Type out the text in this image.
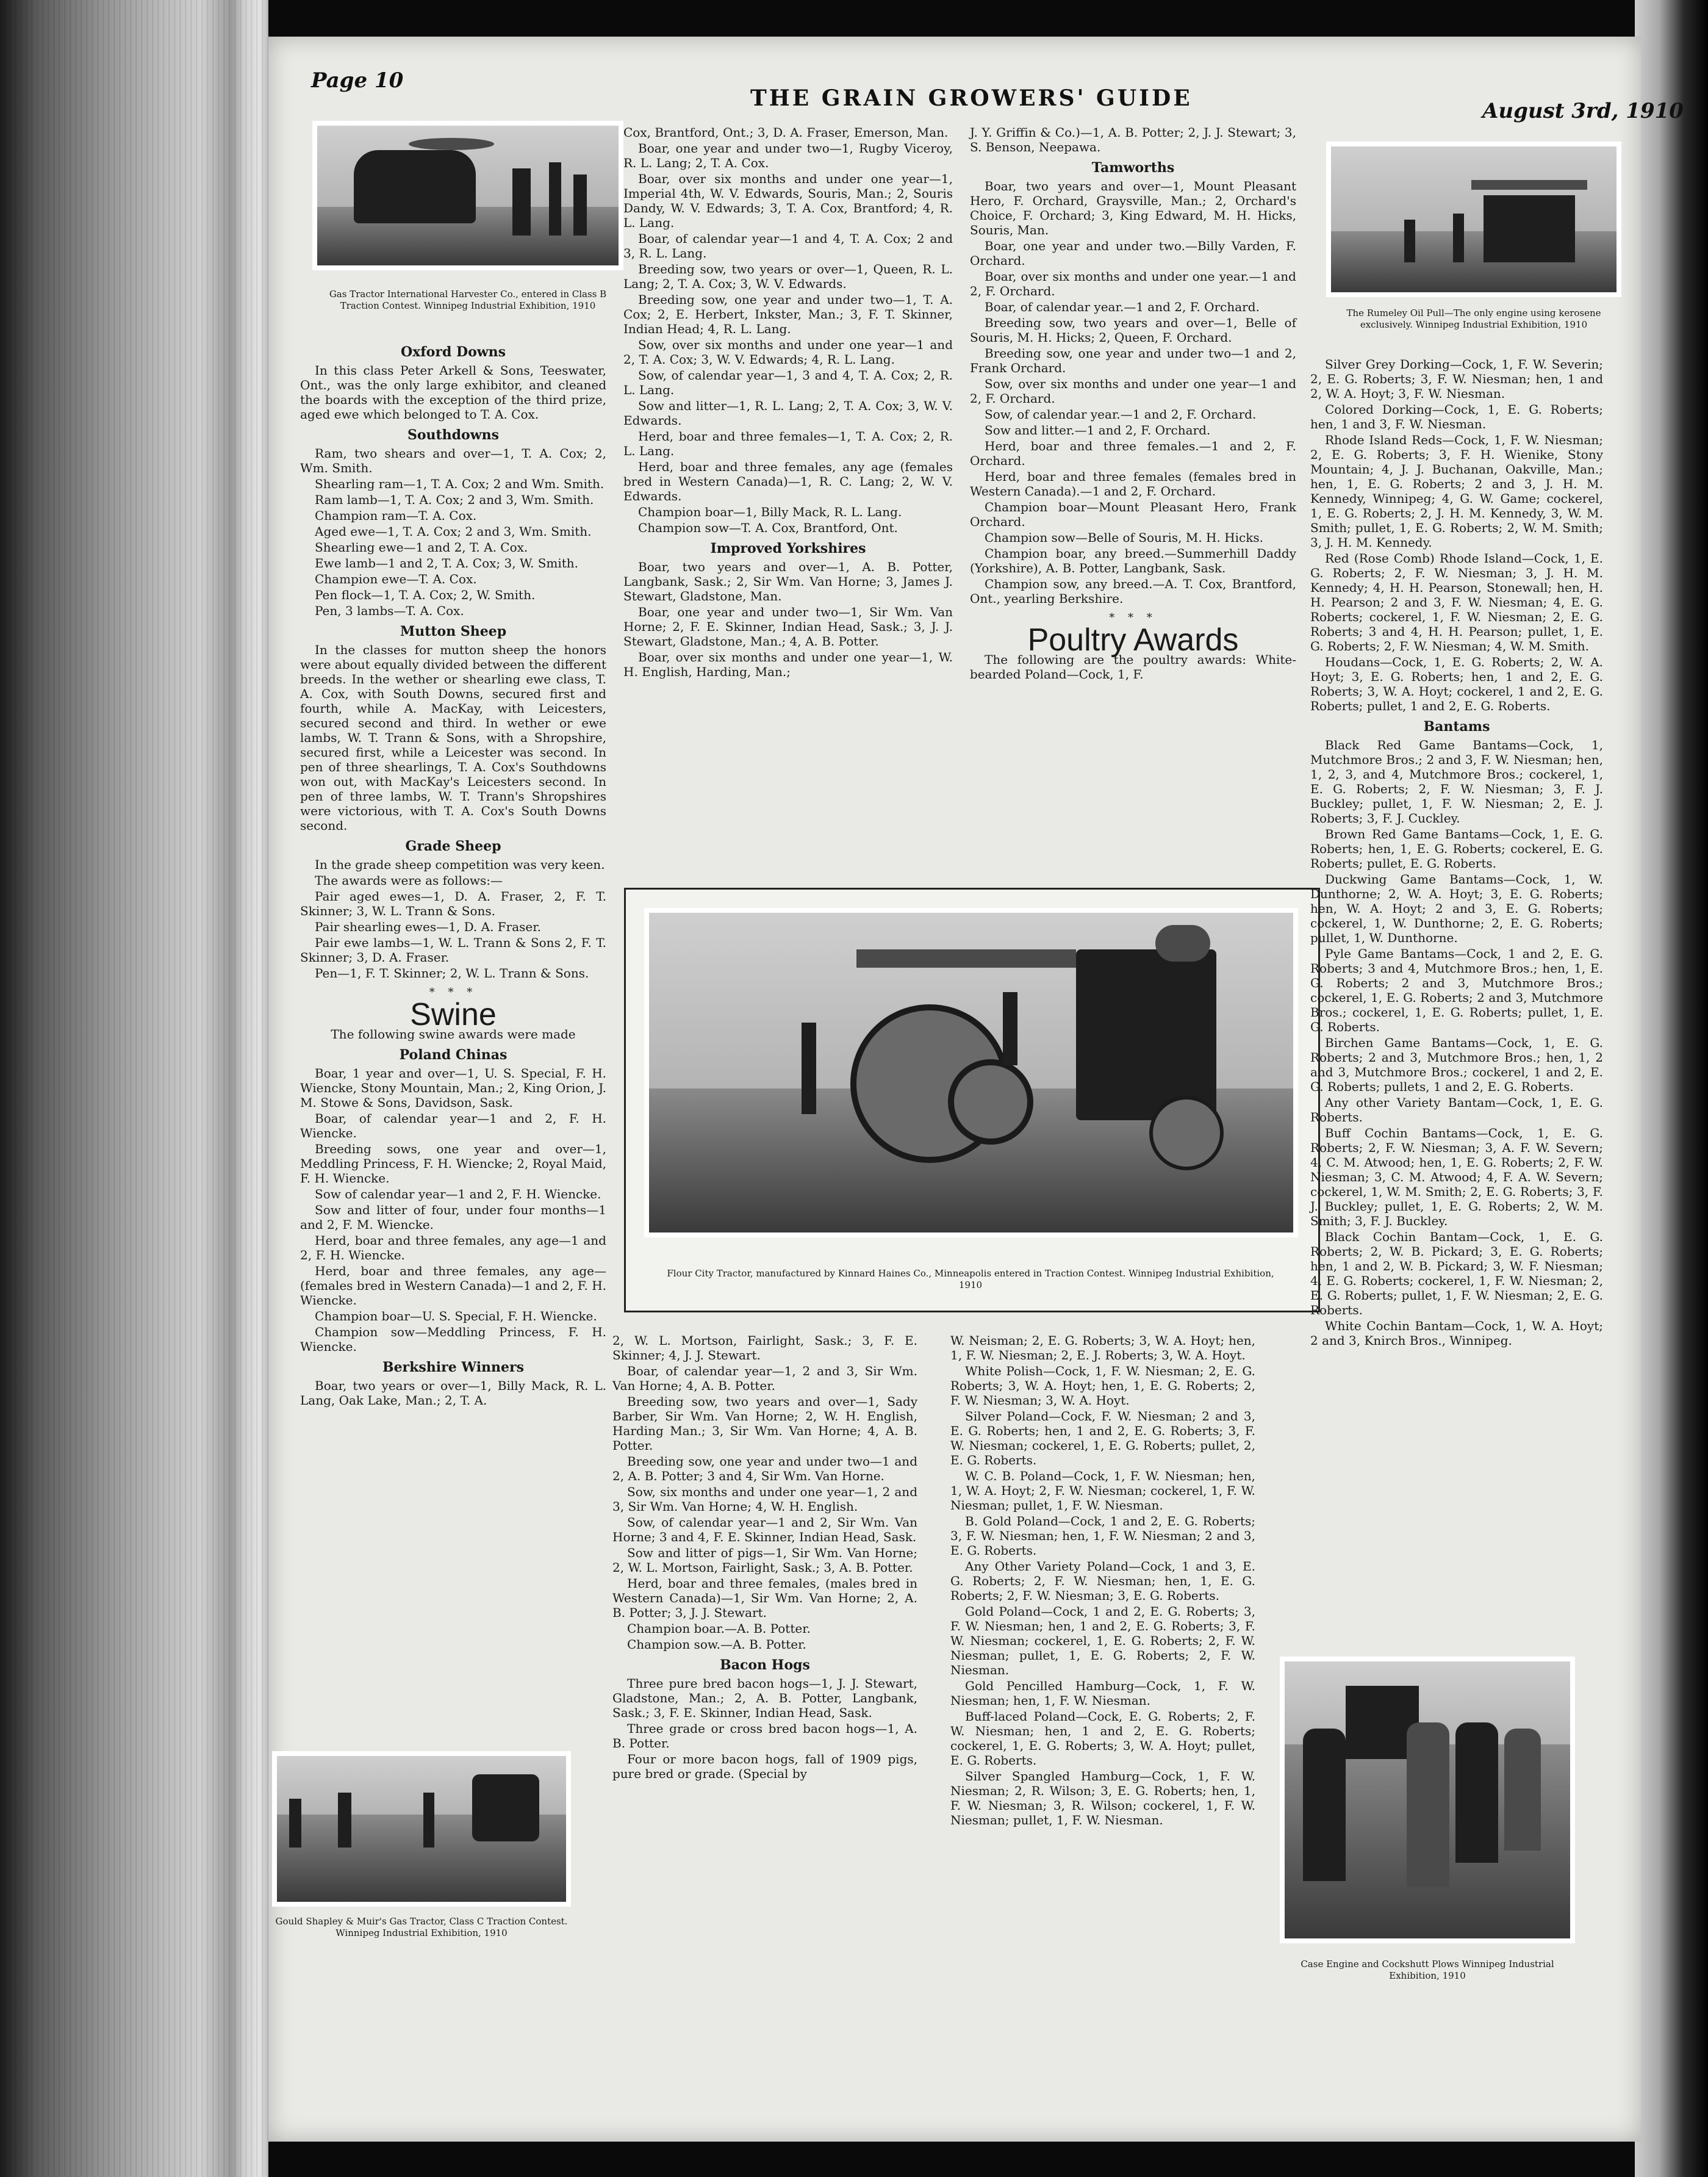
Page 10
THE GRAIN GROWERS' GUIDE	August 3rd, 1910
Gas Tractor International Harvester Co., entered in Class B Traction Contest. Winnipeg Industrial Exhibition, 1910
The Rumeley Oil Pull—The only engine using kerosene exclusively. Winnipeg Industrial Exhibition, 1910
Oxford Downs

In this class Peter Arkell & Sons, Teeswater, Ont., was the only large exhibitor, and cleaned the boards with the exception of the third prize, aged ewe which belonged to T. A. Cox.

Southdowns

Ram, two shears and over—1, T. A. Cox; 2, Wm. Smith.

Shearling ram—1, T. A. Cox; 2 and Wm. Smith.

Ram lamb—1, T. A. Cox; 2 and 3, Wm. Smith.

Champion ram—T. A. Cox.

Aged ewe—1, T. A. Cox; 2 and 3, Wm. Smith.

Shearling ewe—1 and 2, T. A. Cox.

Ewe lamb—1 and 2, T. A. Cox; 3, W. Smith.

Champion ewe—T. A. Cox.

Pen flock—1, T. A. Cox; 2, W. Smith.

Pen, 3 lambs—T. A. Cox.

Mutton Sheep

In the classes for mutton sheep the honors were about equally divided between the different breeds. In the wether or shearling ewe class, T. A. Cox, with South Downs, secured first and fourth, while A. MacKay, with Leicesters, secured second and third. In wether or ewe lambs, W. T. Trann & Sons, with a Shropshire, secured first, while a Leicester was second. In pen of three shearlings, T. A. Cox's Southdowns won out, with MacKay's Leicesters second. In pen of three lambs, W. T. Trann's Shropshires were victorious, with T. A. Cox's South Downs second.

Grade Sheep

In the grade sheep competition was very keen.

The awards were as follows:—

Pair aged ewes—1, D. A. Fraser, 2, F. T. Skinner; 3, W. L. Trann & Sons.

Pair shearling ewes—1, D. A. Fraser.

Pair ewe lambs—1, W. L. Trann & Sons 2, F. T. Skinner; 3, D. A. Fraser.

Pen—1, F. T. Skinner; 2, W. L. Trann & Sons.

* * *
Swine

The following swine awards were made

Poland Chinas

Boar, 1 year and over—1, U. S. Special, F. H. Wiencke, Stony Mountain, Man.; 2, King Orion, J. M. Stowe & Sons, Davidson, Sask.

Boar, of calendar year—1 and 2, F. H. Wiencke.

Breeding sows, one year and over—1, Meddling Princess, F. H. Wiencke; 2, Royal Maid, F. H. Wiencke.

Sow of calendar year—1 and 2, F. H. Wiencke.

Sow and litter of four, under four months—1 and 2, F. M. Wiencke.

Herd, boar and three females, any age—1 and 2, F. H. Wiencke.

Herd, boar and three females, any age—(females bred in Western Canada)—1 and 2, F. H. Wiencke.

Champion boar—U. S. Special, F. H. Wiencke.

Champion sow—Meddling Princess, F. H. Wiencke.

Berkshire Winners

Boar, two years or over—1, Billy Mack, R. L. Lang, Oak Lake, Man.; 2, T. A.

Gould Shapley & Muir's Gas Tractor, Class C Traction Contest. Winnipeg Industrial Exhibition, 1910

Cox, Brantford, Ont.; 3, D. A. Fraser, Emerson, Man.

Boar, one year and under two—1, Rugby Viceroy, R. L. Lang; 2, T. A. Cox.

Boar, over six months and under one year—1, Imperial 4th, W. V. Edwards, Souris, Man.; 2, Souris Dandy, W. V. Edwards; 3, T. A. Cox, Brantford; 4, R. L. Lang.

Boar, of calendar year—1 and 4, T. A. Cox; 2 and 3, R. L. Lang.

Breeding sow, two years or over—1, Queen, R. L. Lang; 2, T. A. Cox; 3, W. V. Edwards.

Breeding sow, one year and under two—1, T. A. Cox; 2, E. Herbert, Inkster, Man.; 3, F. T. Skinner, Indian Head; 4, R. L. Lang.

Sow, over six months and under one year—1 and 2, T. A. Cox; 3, W. V. Edwards; 4, R. L. Lang.

Sow, of calendar year—1, 3 and 4, T. A. Cox; 2, R. L. Lang.

Sow and litter—1, R. L. Lang; 2, T. A. Cox; 3, W. V. Edwards.

Herd, boar and three females—1, T. A. Cox; 2, R. L. Lang.

Herd, boar and three females, any age (females bred in Western Canada)—1, R. C. Lang; 2, W. V. Edwards.

Champion boar—1, Billy Mack, R. L. Lang.

Champion sow—T. A. Cox, Brantford, Ont.

Improved Yorkshires

Boar, two years and over—1, A. B. Potter, Langbank, Sask.; 2, Sir Wm. Van Horne; 3, James J. Stewart, Gladstone, Man.

Boar, one year and under two—1, Sir Wm. Van Horne; 2, F. E. Skinner, Indian Head, Sask.; 3, J. J. Stewart, Gladstone, Man.; 4, A. B. Potter.

Boar, over six months and under one year—1, W. H. English, Harding, Man.;

J. Y. Griffin & Co.)—1, A. B. Potter; 2, J. J. Stewart; 3, S. Benson, Neepawa.

Tamworths

Boar, two years and over—1, Mount Pleasant Hero, F. Orchard, Graysville, Man.; 2, Orchard's Choice, F. Orchard; 3, King Edward, M. H. Hicks, Souris, Man.

Boar, one year and under two.—Billy Varden, F. Orchard.

Boar, over six months and under one year.—1 and 2, F. Orchard.

Boar, of calendar year.—1 and 2, F. Orchard.

Breeding sow, two years and over—1, Belle of Souris, M. H. Hicks; 2, Queen, F. Orchard.

Breeding sow, one year and under two—1 and 2, Frank Orchard.

Sow, over six months and under one year—1 and 2, F. Orchard.

Sow, of calendar year.—1 and 2, F. Orchard.

Sow and litter.—1 and 2, F. Orchard.

Herd, boar and three females.—1 and 2, F. Orchard.

Herd, boar and three females (females bred in Western Canada).—1 and 2, F. Orchard.

Champion boar—Mount Pleasant Hero, Frank Orchard.

Champion sow—Belle of Souris, M. H. Hicks.

Champion boar, any breed.—Summerhill Daddy (Yorkshire), A. B. Potter, Langbank, Sask.

Champion sow, any breed.—A. T. Cox, Brantford, Ont., yearling Berkshire.

* * *
Poultry Awards

The following are the poultry awards: White-bearded Poland—Cock, 1, F.

Flour City Tractor, manufactured by Kinnard Haines Co., Minneapolis entered in Traction Contest. Winnipeg Industrial Exhibition, 1910

2, W. L. Mortson, Fairlight, Sask.; 3, F. E. Skinner; 4, J. J. Stewart.

Boar, of calendar year—1, 2 and 3, Sir Wm. Van Horne; 4, A. B. Potter.

Breeding sow, two years and over—1, Sady Barber, Sir Wm. Van Horne; 2, W. H. English, Harding Man.; 3, Sir Wm. Van Horne; 4, A. B. Potter.

Breeding sow, one year and under two—1 and 2, A. B. Potter; 3 and 4, Sir Wm. Van Horne.

Sow, six months and under one year—1, 2 and 3, Sir Wm. Van Horne; 4, W. H. English.

Sow, of calendar year—1 and 2, Sir Wm. Van Horne; 3 and 4, F. E. Skinner, Indian Head, Sask.

Sow and litter of pigs—1, Sir Wm. Van Horne; 2, W. L. Mortson, Fairlight, Sask.; 3, A. B. Potter.

Herd, boar and three females, (males bred in Western Canada)—1, Sir Wm. Van Horne; 2, A. B. Potter; 3, J. J. Stewart.

Champion boar.—A. B. Potter.

Champion sow.—A. B. Potter.

Bacon Hogs

Three pure bred bacon hogs—1, J. J. Stewart, Gladstone, Man.; 2, A. B. Potter, Langbank, Sask.; 3, F. E. Skinner, Indian Head, Sask.

Three grade or cross bred bacon hogs—1, A. B. Potter.

Four or more bacon hogs, fall of 1909 pigs, pure bred or grade. (Special by

W. Neisman; 2, E. G. Roberts; 3, W. A. Hoyt; hen, 1, F. W. Niesman; 2, E. J. Roberts; 3, W. A. Hoyt.

White Polish—Cock, 1, F. W. Niesman; 2, E. G. Roberts; 3, W. A. Hoyt; hen, 1, E. G. Roberts; 2, F. W. Niesman; 3, W. A. Hoyt.

Silver Poland—Cock, F. W. Niesman; 2 and 3, E. G. Roberts; hen, 1 and 2, E. G. Roberts; 3, F. W. Niesman; cockerel, 1, E. G. Roberts; pullet, 2, E. G. Roberts.

W. C. B. Poland—Cock, 1, F. W. Niesman; hen, 1, W. A. Hoyt; 2, F. W. Niesman; cockerel, 1, F. W. Niesman; pullet, 1, F. W. Niesman.

B. Gold Poland—Cock, 1 and 2, E. G. Roberts; 3, F. W. Niesman; hen, 1, F. W. Niesman; 2 and 3, E. G. Roberts.

Any Other Variety Poland—Cock, 1 and 3, E. G. Roberts; 2, F. W. Niesman; hen, 1, E. G. Roberts; 2, F. W. Niesman; 3, E. G. Roberts.

Gold Poland—Cock, 1 and 2, E. G. Roberts; 3, F. W. Niesman; hen, 1 and 2, E. G. Roberts; 3, F. W. Niesman; cockerel, 1, E. G. Roberts; 2, F. W. Niesman; pullet, 1, E. G. Roberts; 2, F. W. Niesman.

Gold Pencilled Hamburg—Cock, 1, F. W. Niesman; hen, 1, F. W. Niesman.

Buff-laced Poland—Cock, E. G. Roberts; 2, F. W. Niesman; hen, 1 and 2, E. G. Roberts; cockerel, 1, E. G. Roberts; 3, W. A. Hoyt; pullet, E. G. Roberts.

Silver Spangled Hamburg—Cock, 1, F. W. Niesman; 2, R. Wilson; 3, E. G. Roberts; hen, 1, F. W. Niesman; 3, R. Wilson; cockerel, 1, F. W. Niesman; pullet, 1, F. W. Niesman.

Silver Grey Dorking—Cock, 1, F. W. Severin; 2, E. G. Roberts; 3, F. W. Niesman; hen, 1 and 2, W. A. Hoyt; 3, F. W. Niesman.

Colored Dorking—Cock, 1, E. G. Roberts; hen, 1 and 3, F. W. Niesman.

Rhode Island Reds—Cock, 1, F. W. Niesman; 2, E. G. Roberts; 3, F. H. Wienike, Stony Mountain; 4, J. J. Buchanan, Oakville, Man.; hen, 1, E. G. Roberts; 2 and 3, J. H. M. Kennedy, Winnipeg; 4, G. W. Game; cockerel, 1, E. G. Roberts; 2, J. H. M. Kennedy, 3, W. M. Smith; pullet, 1, E. G. Roberts; 2, W. M. Smith; 3, J. H. M. Kennedy.

Red (Rose Comb) Rhode Island—Cock, 1, E. G. Roberts; 2, F. W. Niesman; 3, J. H. M. Kennedy; 4, H. H. Pearson, Stonewall; hen, H. H. Pearson; 2 and 3, F. W. Niesman; 4, E. G. Roberts; cockerel, 1, F. W. Niesman; 2, E. G. Roberts; 3 and 4, H. H. Pearson; pullet, 1, E. G. Roberts; 2, F. W. Niesman; 4, W. M. Smith.

Houdans—Cock, 1, E. G. Roberts; 2, W. A. Hoyt; 3, E. G. Roberts; hen, 1 and 2, E. G. Roberts; 3, W. A. Hoyt; cockerel, 1 and 2, E. G. Roberts; pullet, 1 and 2, E. G. Roberts.

Bantams

Black Red Game Bantams—Cock, 1, Mutchmore Bros.; 2 and 3, F. W. Niesman; hen, 1, 2, 3, and 4, Mutchmore Bros.; cockerel, 1, E. G. Roberts; 2, F. W. Niesman; 3, F. J. Buckley; pullet, 1, F. W. Niesman; 2, E. J. Roberts; 3, F. J. Cuckley.

Brown Red Game Bantams—Cock, 1, E. G. Roberts; hen, 1, E. G. Roberts; cockerel, E. G. Roberts; pullet, E. G. Roberts.

Duckwing Game Bantams—Cock, 1, W. Dunthorne; 2, W. A. Hoyt; 3, E. G. Roberts; hen, W. A. Hoyt; 2 and 3, E. G. Roberts; cockerel, 1, W. Dunthorne; 2, E. G. Roberts; pullet, 1, W. Dunthorne.

Pyle Game Bantams—Cock, 1 and 2, E. G. Roberts; 3 and 4, Mutchmore Bros.; hen, 1, E. G. Roberts; 2 and 3, Mutchmore Bros.; cockerel, 1, E. G. Roberts; 2 and 3, Mutchmore Bros.; cockerel, 1, E. G. Roberts; pullet, 1, E. G. Roberts.

Birchen Game Bantams—Cock, 1, E. G. Roberts; 2 and 3, Mutchmore Bros.; hen, 1, 2 and 3, Mutchmore Bros.; cockerel, 1 and 2, E. G. Roberts; pullets, 1 and 2, E. G. Roberts.

Any other Variety Bantam—Cock, 1, E. G. Roberts.

Buff Cochin Bantams—Cock, 1, E. G. Roberts; 2, F. W. Niesman; 3, A. F. W. Severn; 4, C. M. Atwood; hen, 1, E. G. Roberts; 2, F. W. Niesman; 3, C. M. Atwood; 4, F. A. W. Severn; cockerel, 1, W. M. Smith; 2, E. G. Roberts; 3, F. J. Buckley; pullet, 1, E. G. Roberts; 2, W. M. Smith; 3, F. J. Buckley.

Black Cochin Bantam—Cock, 1, E. G. Roberts; 2, W. B. Pickard; 3, E. G. Roberts; hen, 1 and 2, W. B. Pickard; 3, W. F. Niesman; 4, E. G. Roberts; cockerel, 1, F. W. Niesman; 2, E. G. Roberts; pullet, 1, F. W. Niesman; 2, E. G. Roberts.

White Cochin Bantam—Cock, 1, W. A. Hoyt; 2 and 3, Knirch Bros., Winnipeg.

Case Engine and Cockshutt Plows Winnipeg Industrial Exhibition, 1910
